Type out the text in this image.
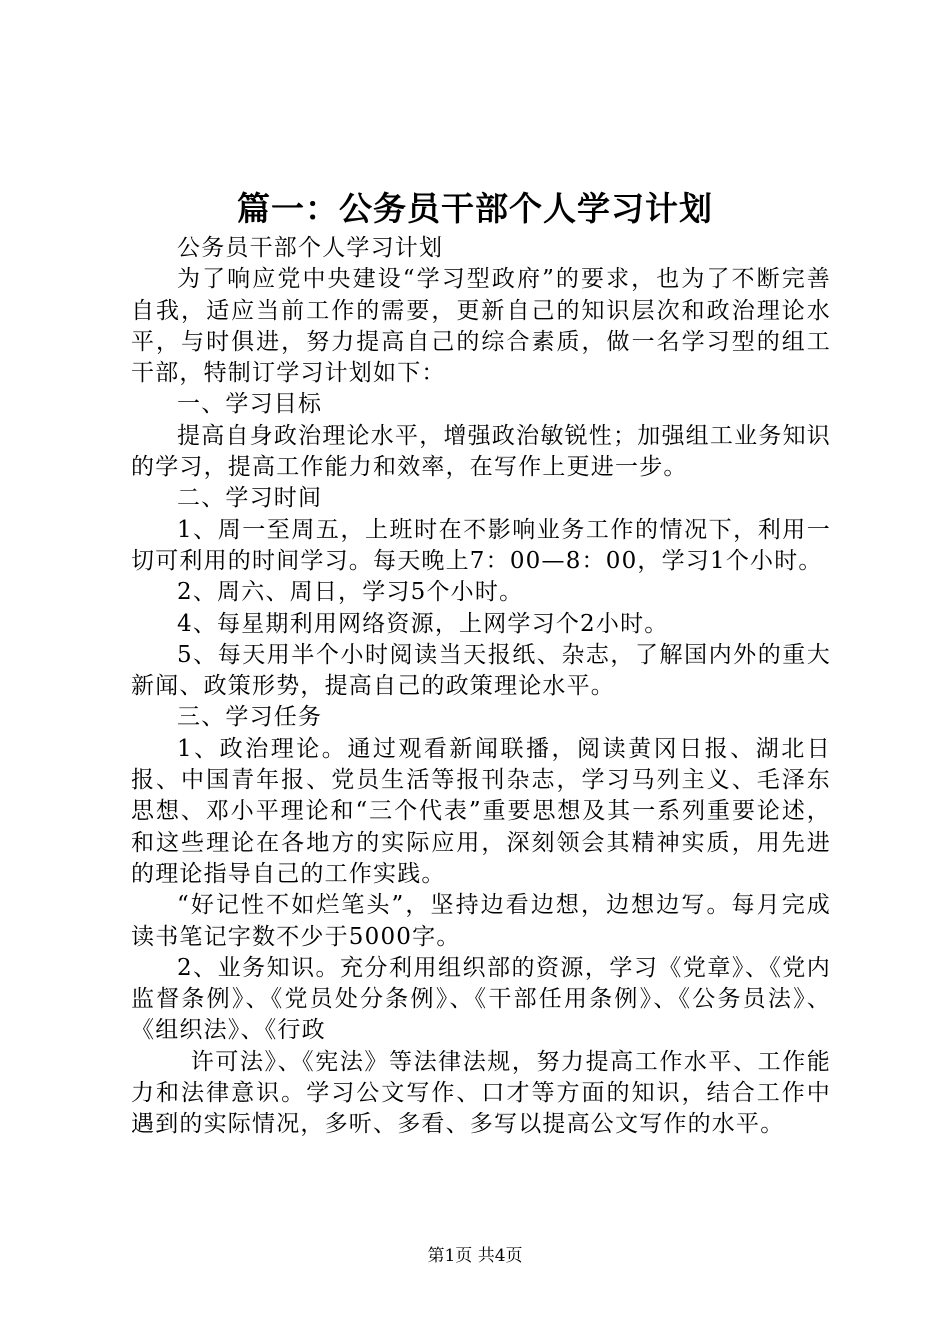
篇一：公务员干部个人学习计划

公务员干部个人学习计划

为了响应党中央建设“学习型政府”的要求，也为了不断完善自我，适应当前工作的需要，更新自己的知识层次和政治理论水平，与时俱进，努力提高自己的综合素质，做一名学习型的组工干部，特制订学习计划如下：

一、学习目标

提高自身政治理论水平，增强政治敏锐性；加强组工业务知识的学习，提高工作能力和效率，在写作上更进一步。

二、学习时间

1、周一至周五，上班时在不影响业务工作的情况下，利用一切可利用的时间学习。每天晚上7：00—8：00，学习1个小时。

2、周六、周日，学习5个小时。

4、每星期利用网络资源，上网学习个2小时。

5、每天用半个小时阅读当天报纸、杂志，了解国内外的重大新闻、政策形势，提高自己的政策理论水平。

三、学习任务

1、政治理论。通过观看新闻联播，阅读黄冈日报、湖北日报、中国青年报、党员生活等报刊杂志，学习马列主义、毛泽东思想、邓小平理论和“三个代表”重要思想及其一系列重要论述，和这些理论在各地方的实际应用，深刻领会其精神实质，用先进的理论指导自己的工作实践。

“好记性不如烂笔头”，坚持边看边想，边想边写。每月完成读书笔记字数不少于5000字。

2、业务知识。充分利用组织部的资源，学习《党章》、《党内监督条例》、《党员处分条例》、《干部任用条例》、《公务员法》、《组织法》、《行政

许可法》、《宪法》等法律法规，努力提高工作水平、工作能力和法律意识。学习公文写作、口才等方面的知识，结合工作中遇到的实际情况，多听、多看、多写以提高公文写作的水平。

第1页 共4页
